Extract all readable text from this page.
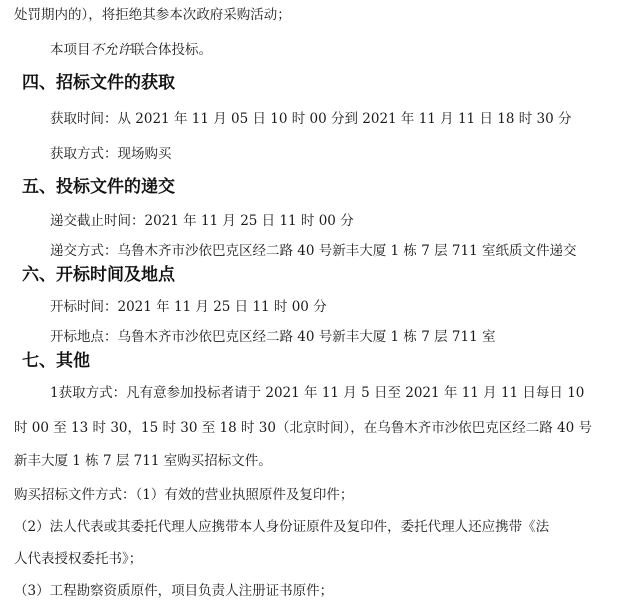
处罚期内的），将拒绝其参本次政府采购活动；
本项目不允许联合体投标。
四、招标文件的获取
获取时间：从 2021 年 11 月 05 日 10 时 00 分到 2021 年 11 月 11 日 18 时 30 分
获取方式：现场购买
五、投标文件的递交
递交截止时间：2021 年 11 月 25 日 11 时 00 分
递交方式：乌鲁木齐市沙依巴克区经二路 40 号新丰大厦 1 栋 7 层 711 室纸质文件递交
六、开标时间及地点
开标时间：2021 年 11 月 25 日 11 时 00 分
开标地点：乌鲁木齐市沙依巴克区经二路 40 号新丰大厦 1 栋 7 层 711 室
七、其他
1获取方式：凡有意参加投标者请于 2021 年 11 月 5 日至 2021 年 11 月 11 日每日 10
时 00 至 13 时 30，15 时 30 至 18 时 30（北京时间），在乌鲁木齐市沙依巴克区经二路 40 号
新丰大厦 1 栋 7 层 711 室购买招标文件。
购买招标文件方式：（1）有效的营业执照原件及复印件；
（2）法人代表或其委托代理人应携带本人身份证原件及复印件，委托代理人还应携带《法
人代表授权委托书》；
（3）工程勘察资质原件，项目负责人注册证书原件；
